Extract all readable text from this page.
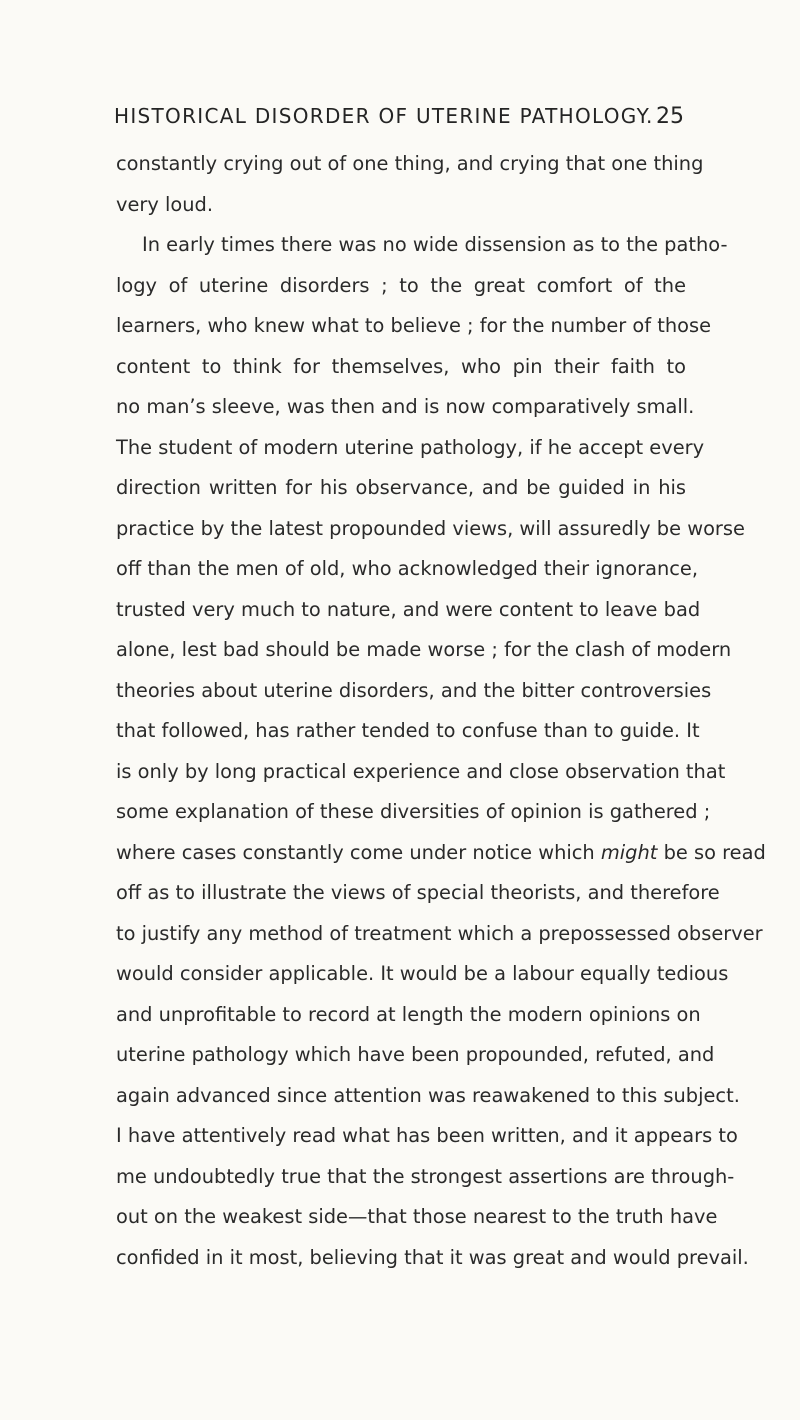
HISTORICAL DISORDER OF UTERINE PATHOLOGY. 25
constantly crying out of one thing, and crying that one thing
very loud.
In early times there was no wide dissension as to the patho-
logy of uterine disorders ; to the great comfort of the
learners, who knew what to believe ; for the number of those
content to think for themselves, who pin their faith to
no man’s sleeve, was then and is now comparatively small.
The student of modern uterine pathology, if he accept every
direction written for his observance, and be guided in his
practice by the latest propounded views, will assuredly be worse
off than the men of old, who acknowledged their ignorance,
trusted very much to nature, and were content to leave bad
alone, lest bad should be made worse ; for the clash of modern
theories about uterine disorders, and the bitter controversies
that followed, has rather tended to confuse than to guide. It
is only by long practical experience and close observation that
some explanation of these diversities of opinion is gathered ;
where cases constantly come under notice which might be so read
off as to illustrate the views of special theorists, and therefore
to justify any method of treatment which a prepossessed observer
would consider applicable. It would be a labour equally tedious
and unprofitable to record at length the modern opinions on
uterine pathology which have been propounded, refuted, and
again advanced since attention was reawakened to this subject.
I have attentively read what has been written, and it appears to
me undoubtedly true that the strongest assertions are through-
out on the weakest side—that those nearest to the truth have
confided in it most, believing that it was great and would prevail.
